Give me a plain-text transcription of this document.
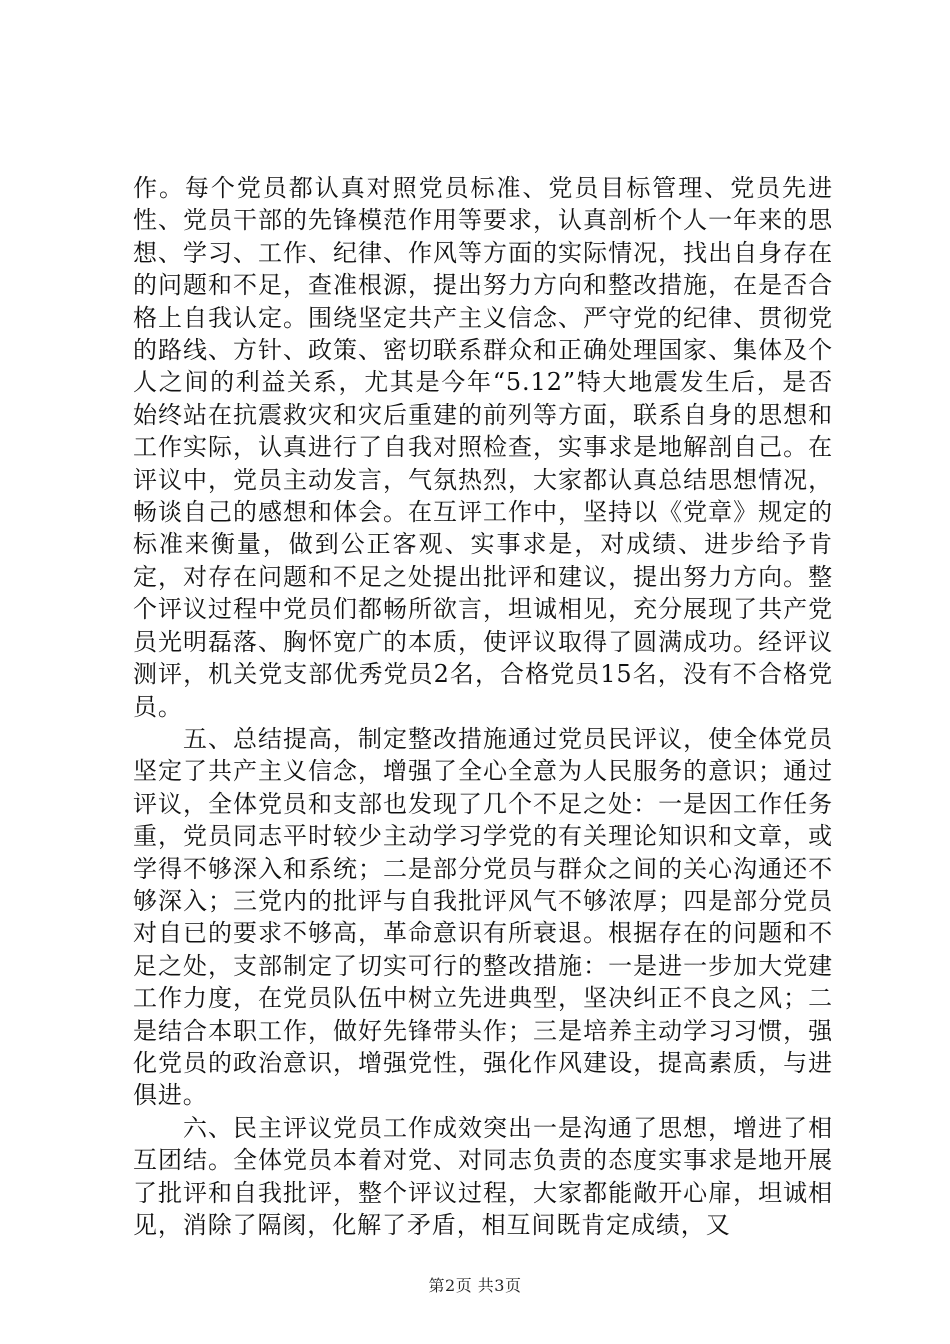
作。每个党员都认真对照党员标准、党员目标管理、党员先进性、党员干部的先锋模范作用等要求，认真剖析个人一年来的思想、学习、工作、纪律、作风等方面的实际情况，找出自身存在的问题和不足，查准根源，提出努力方向和整改措施，在是否合格上自我认定。围绕坚定共产主义信念、严守党的纪律、贯彻党的路线、方针、政策、密切联系群众和正确处理国家、集体及个人之间的利益关系，尤其是今年“5.12”特大地震发生后，是否始终站在抗震救灾和灾后重建的前列等方面，联系自身的思想和工作实际，认真进行了自我对照检查，实事求是地解剖自己。在评议中，党员主动发言，气氛热烈，大家都认真总结思想情况，畅谈自己的感想和体会。在互评工作中，坚持以《党章》规定的标准来衡量，做到公正客观、实事求是，对成绩、进步给予肯定，对存在问题和不足之处提出批评和建议，提出努力方向。整个评议过程中党员们都畅所欲言，坦诚相见，充分展现了共产党员光明磊落、胸怀宽广的本质，使评议取得了圆满成功。经评议测评，机关党支部优秀党员2名，合格党员15名，没有不合格党员。

五、总结提高，制定整改措施通过党员民评议，使全体党员坚定了共产主义信念，增强了全心全意为人民服务的意识；通过评议，全体党员和支部也发现了几个不足之处：一是因工作任务重，党员同志平时较少主动学习学党的有关理论知识和文章，或学得不够深入和系统；二是部分党员与群众之间的关心沟通还不够深入；三党内的批评与自我批评风气不够浓厚；四是部分党员对自已的要求不够高，革命意识有所衰退。根据存在的问题和不足之处，支部制定了切实可行的整改措施：一是进一步加大党建工作力度，在党员队伍中树立先进典型，坚决纠正不良之风；二是结合本职工作，做好先锋带头作；三是培养主动学习习惯，强化党员的政治意识，增强党性，强化作风建设，提高素质，与进俱进。

六、民主评议党员工作成效突出一是沟通了思想，增进了相互团结。全体党员本着对党、对同志负责的态度实事求是地开展了批评和自我批评，整个评议过程，大家都能敞开心扉，坦诚相见，消除了隔阂，化解了矛盾，相互间既肯定成绩，又

第2页 共3页
